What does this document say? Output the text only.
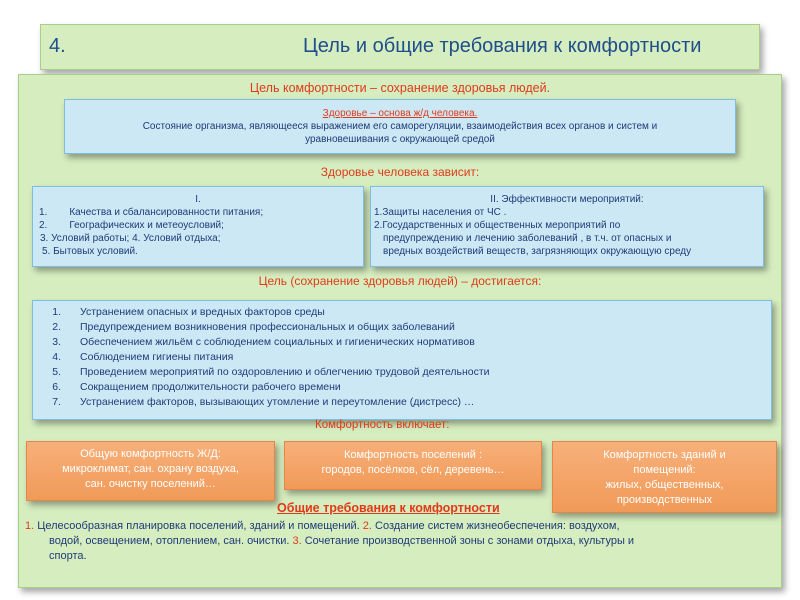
4.	Цель и общие требования к комфортности
Цель комфортности – сохранение здоровья людей.
Здоровье – основа ж/д человека.
Состояние организма, являющееся выражением его саморегуляции, взаимодействия всех органов и систем и
уравновешивания с окружающей средой
Здоровье человека зависит:
I.
1. Качества и сбалансированности питания;
2. Географических и метеоусловий;
3. Условий работы; 4. Условий отдыха;
5. Бытовых условий.
II. Эффективности мероприятий:
1.Защиты населения от ЧС .
2.Государственных и общественных мероприятий по
предупреждению и лечению заболеваний , в т.ч. от опасных и
вредных воздействий веществ, загрязняющих окружающую среду
Цель (сохранение здоровья людей) – достигается:
1. Устранением опасных и вредных факторов среды
2. Предупреждением возникновения профессиональных и общих заболеваний
3. Обеспечением жильём с соблюдением социальных и гигиенических нормативов
4. Соблюдением гигиены питания
5. Проведением мероприятий по оздоровлению и облегчению трудовой деятельности
6. Сокращением продолжительности рабочего времени
7. Устранением факторов, вызывающих утомление и переутомление (дистресс) …
Комфортность включает:
Общую комфортность Ж/Д:
микроклимат, сан. охрану воздуха,
сан. очистку поселений…
Комфортность поселений :
городов, посёлков, сёл, деревень…
Комфортность зданий и
помещений:
жилых, общественных,
производственных
Общие требования к комфортности
1. Целесообразная планировка поселений, зданий и помещений. 2. Создание систем жизнеобеспечения: воздухом,
водой, освещением, отоплением, сан. очистки. 3. Сочетание производственной зоны с зонами отдыха, культуры и
спорта.
